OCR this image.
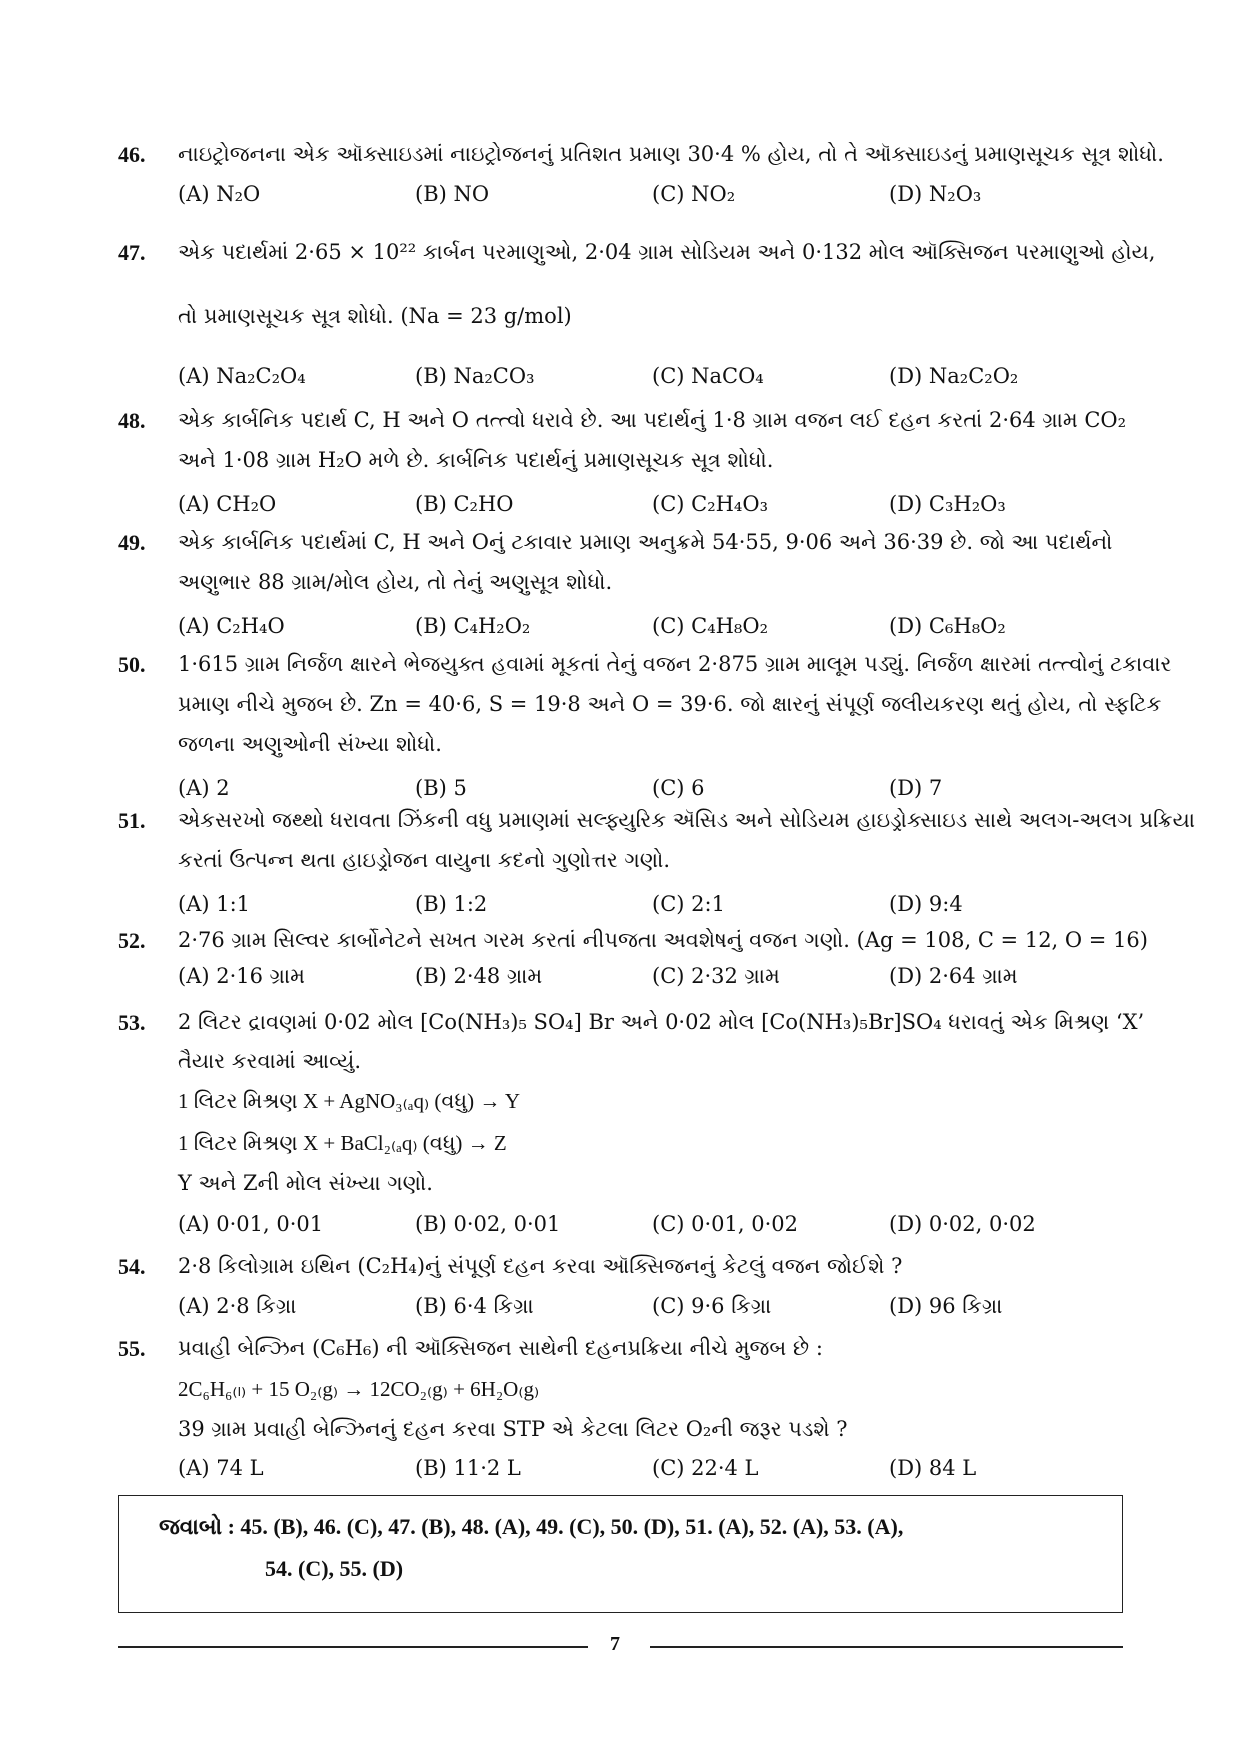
46. નાઇટ્રોજનના એક ઑક્સાઇડમાં નાઇટ્રોજનનું પ્રતિશત પ્રમાણ 30·4 % હોય, તો તે ઑક્સાઇડનું પ્રમાણસૂચક સૂત્ર શોધો.
(A) N₂O	(B) NO	(C) NO₂	(D) N₂O₃
47. એક પદાર્થમાં 2·65 × 10²² કાર્બન પરમાણુઓ, 2·04 ગ્રામ સોડિયમ અને 0·132 મોલ ઑક્સિજન પરમાણુઓ હોય,
તો પ્રમાણસૂચક સૂત્ર શોધો. (Na = 23 g/mol)
(A) Na₂C₂O₄	(B) Na₂CO₃	(C) NaCO₄	(D) Na₂C₂O₂
48. એક કાર્બનિક પદાર્થ C, H અને O તત્ત્વો ધરાવે છે. આ પદાર્થનું 1·8 ગ્રામ વજન લઈ દહન કરતાં 2·64 ગ્રામ CO₂
અને 1·08 ગ્રામ H₂O મળે છે. કાર્બનિક પદાર્થનું પ્રમાણસૂચક સૂત્ર શોધો.
(A) CH₂O	(B) C₂HO	(C) C₂H₄O₃	(D) C₃H₂O₃
49. એક કાર્બનિક પદાર્થમાં C, H અને Oનું ટકાવાર પ્રમાણ અનુક્રમે 54·55, 9·06 અને 36·39 છે. જો આ પદાર્થનો
અણુભાર 88 ગ્રામ/મોલ હોય, તો તેનું અણુસૂત્ર શોધો.
(A) C₂H₄O	(B) C₄H₂O₂	(C) C₄H₈O₂	(D) C₆H₈O₂
50. 1·615 ગ્રામ નિર્જળ ક્ષારને ભેજયુક્ત હવામાં મૂકતાં તેનું વજન 2·875 ગ્રામ માલૂમ પડ્યું. નિર્જળ ક્ષારમાં તત્ત્વોનું ટકાવાર
પ્રમાણ નીચે મુજબ છે. Zn = 40·6, S = 19·8 અને O = 39·6. જો ક્ષારનું સંપૂર્ણ જલીયકરણ થતું હોય, તો સ્ફટિક
જળના અણુઓની સંખ્યા શોધો.
(A) 2	(B) 5	(C) 6	(D) 7
51. એકસરખો જથ્થો ધરાવતા ઝિંકની વધુ પ્રમાણમાં સલ્ફ્યુરિક ઍસિડ અને સોડિયમ હાઇડ્રોક્સાઇડ સાથે અલગ-અલગ પ્રક્રિયા
કરતાં ઉત્પન્ન થતા હાઇડ્રોજન વાયુના કદનો ગુણોત્તર ગણો.
(A) 1:1	(B) 1:2	(C) 2:1	(D) 9:4
52. 2·76 ગ્રામ સિલ્વર કાર્બોનેટને સખત ગરમ કરતાં નીપજતા અવશેષનું વજન ગણો. (Ag = 108, C = 12, O = 16)
(A) 2·16 ગ્રામ	(B) 2·48 ગ્રામ	(C) 2·32 ગ્રામ	(D) 2·64 ગ્રામ
53. 2 લિટર દ્રાવણમાં 0·02 મોલ [Co(NH₃)₅ SO₄] Br અને 0·02 મોલ [Co(NH₃)₅Br]SO₄ ધરાવતું એક મિશ્રણ ‘X’
તૈયાર કરવામાં આવ્યું.
1 લિટર મિશ્રણ X + AgNO₃₍ₐq₎ (વધુ) → Y
1 લિટર મિશ્રણ X + BaCl₂₍ₐq₎ (વધુ) → Z
Y અને Zની મોલ સંખ્યા ગણો.
(A) 0·01, 0·01	(B) 0·02, 0·01	(C) 0·01, 0·02	(D) 0·02, 0·02
54. 2·8 કિલોગ્રામ ઇથિન (C₂H₄)નું સંપૂર્ણ દહન કરવા ઑક્સિજનનું કેટલું વજન જોઈશે ?
(A) 2·8 કિગ્રા	(B) 6·4 કિગ્રા	(C) 9·6 કિગ્રા	(D) 96 કિગ્રા
55. પ્રવાહી બેન્ઝિન (C₆H₆) ની ઑક્સિજન સાથેની દહનપ્રક્રિયા નીચે મુજબ છે :
2C₆H₆₍ₗ₎ + 15 O₂₍g₎ → 12CO₂₍g₎ + 6H₂O₍g₎
39 ગ્રામ પ્રવાહી બેન્ઝિનનું દહન કરવા STP એ કેટલા લિટર O₂ની જરૂર પડશે ?
(A) 74 L	(B) 11·2 L	(C) 22·4 L	(D) 84 L
જવાબો : 45. (B), 46. (C), 47. (B), 48. (A), 49. (C), 50. (D), 51. (A), 52. (A), 53. (A),
54. (C), 55. (D)
7
